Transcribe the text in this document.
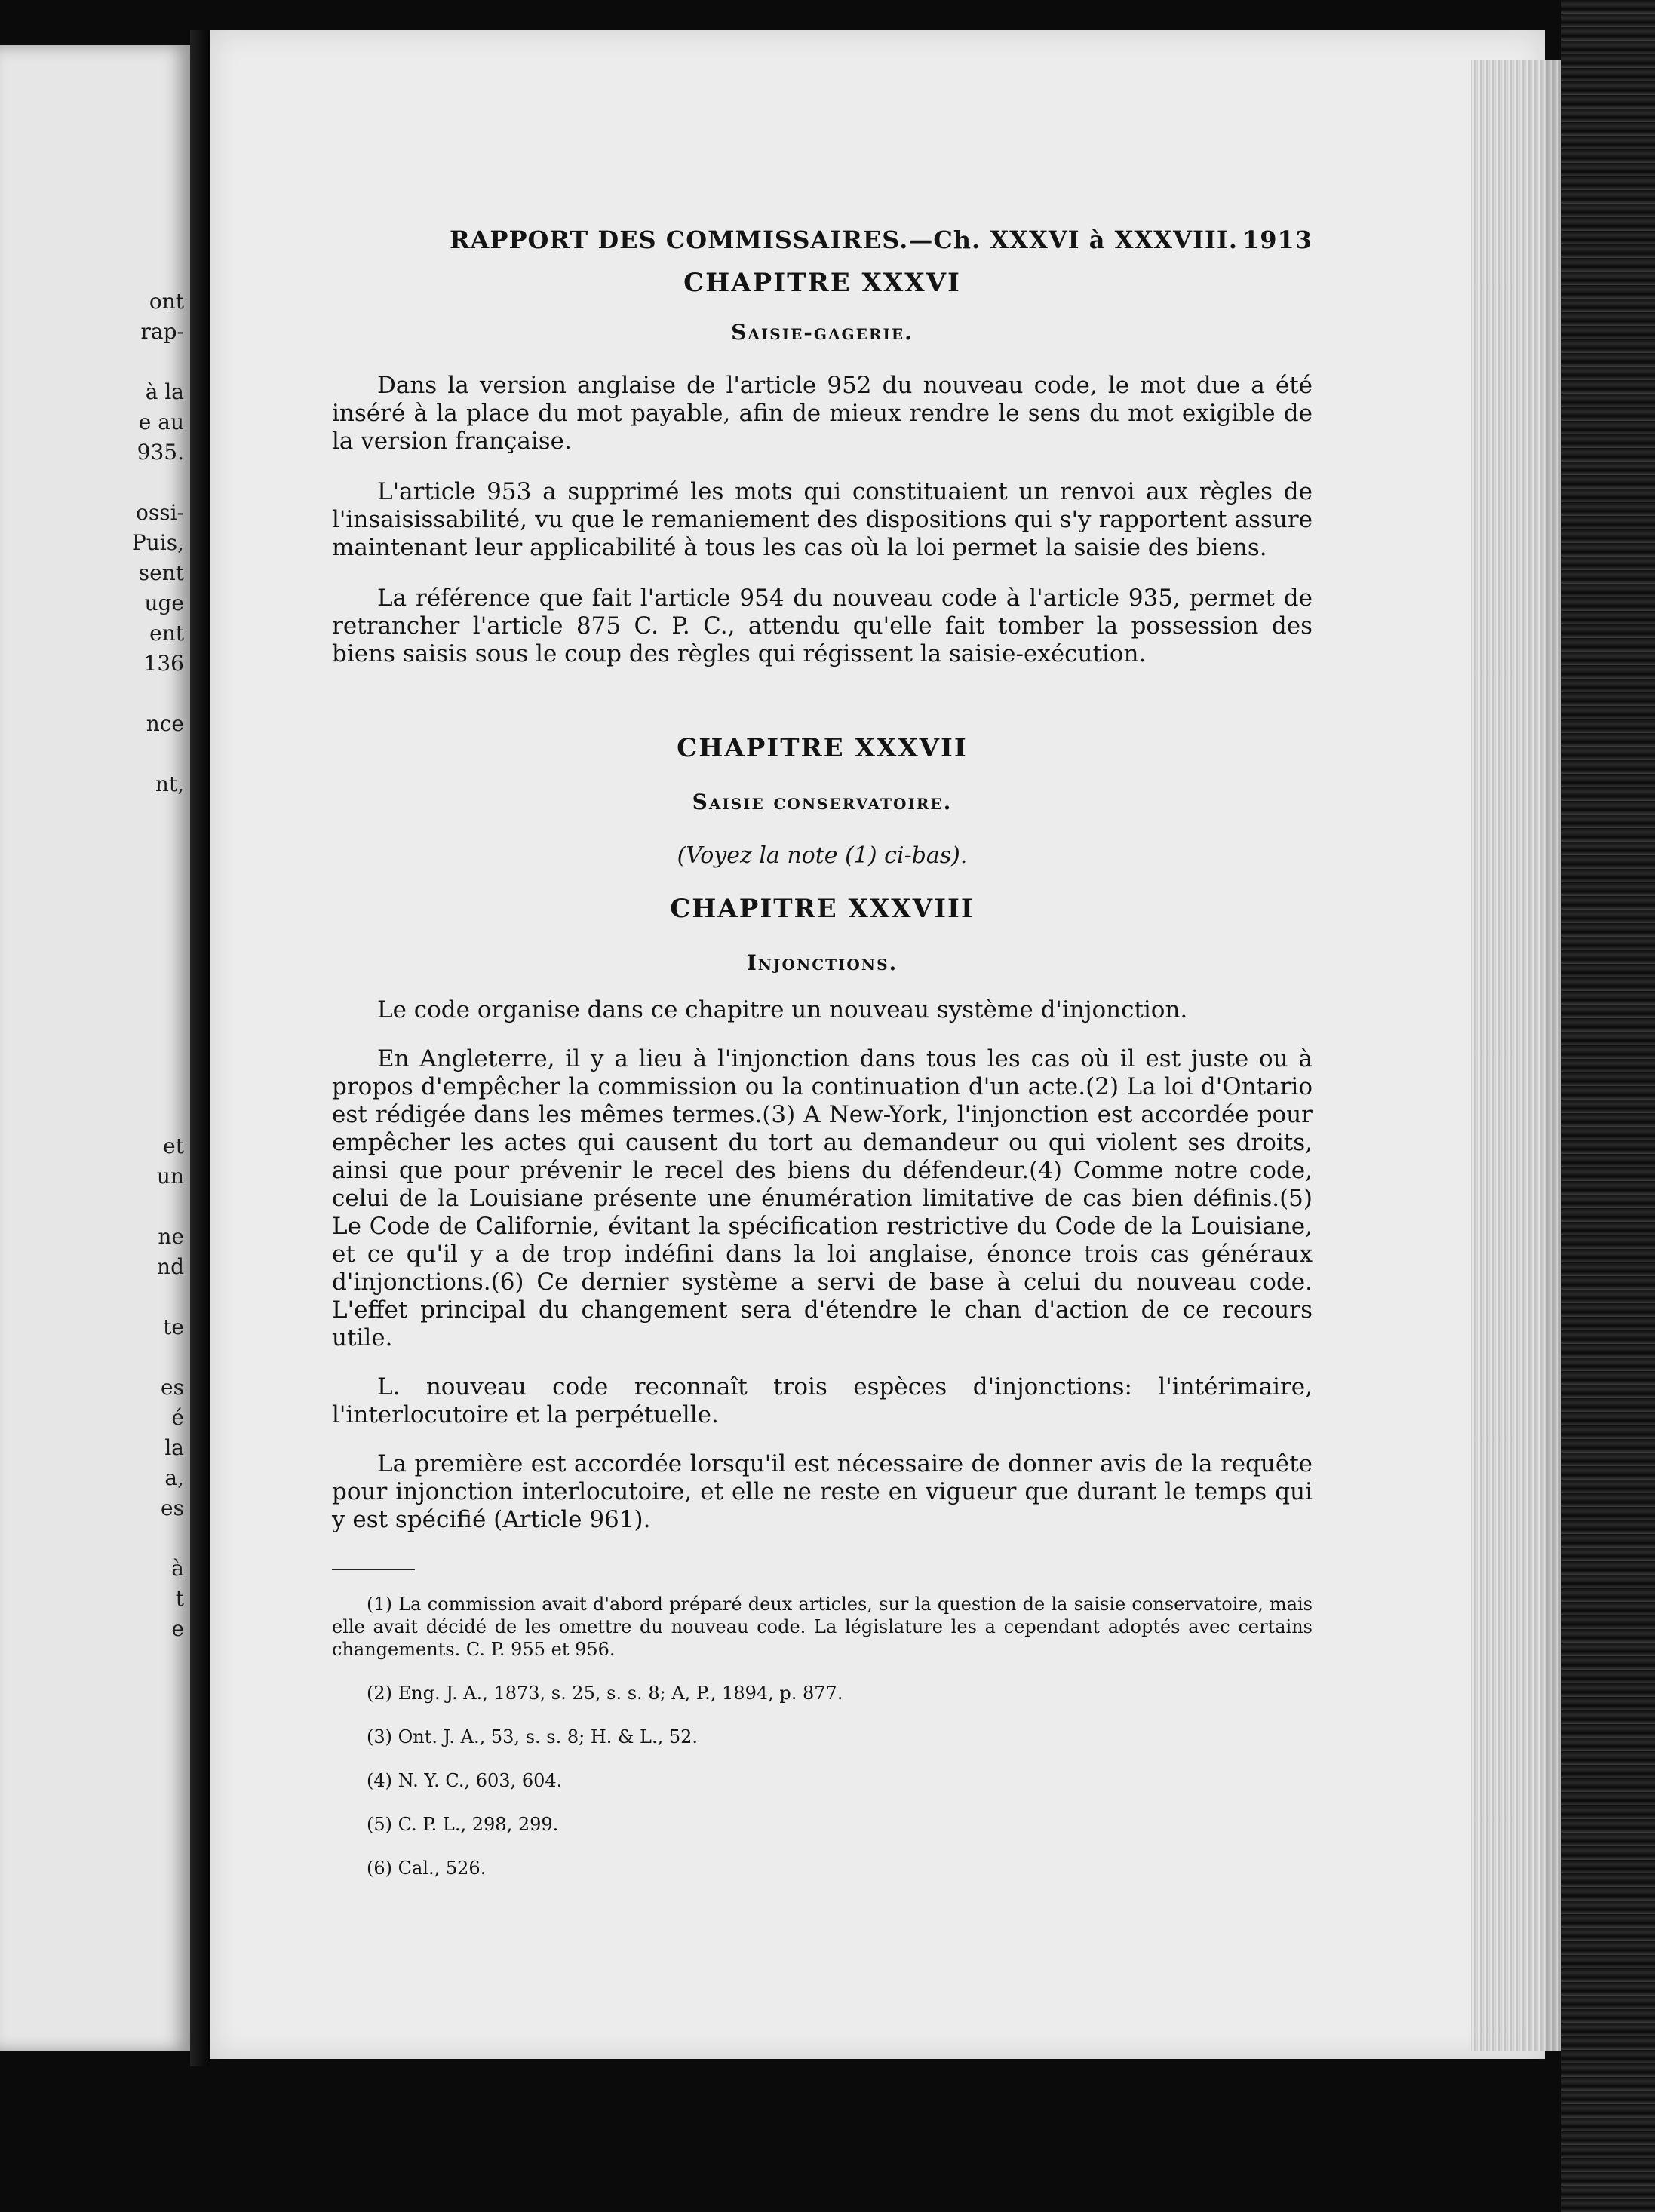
ont
rap-

à la
e au
935.

ossi-
Puis,
sent
uge
ent
136

nce

nt,
et
un

ne
nd

te

es
é
la
a,
es

à
t
e
RAPPORT DES COMMISSAIRES.—Ch. XXXVI à XXXVIII. 1913
CHAPITRE XXXVI
Saisie-gagerie.

Dans la version anglaise de l'article 952 du nouveau code, le mot due a été inséré à la place du mot payable, afin de mieux rendre le sens du mot exigible de la version française.

L'article 953 a supprimé les mots qui constituaient un renvoi aux règles de l'insaisissabilité, vu que le remaniement des dispositions qui s'y rapportent assure maintenant leur applicabilité à tous les cas où la loi permet la saisie des biens.

La référence que fait l'article 954 du nouveau code à l'article 935, permet de retrancher l'article 875 C. P. C., attendu qu'elle fait tomber la possession des biens saisis sous le coup des règles qui régissent la saisie-exécution.

CHAPITRE XXXVII
Saisie conservatoire.
(Voyez la note (1) ci-bas).
CHAPITRE XXXVIII
Injonctions.

Le code organise dans ce chapitre un nouveau système d'injonction.

En Angleterre, il y a lieu à l'injonction dans tous les cas où il est juste ou à propos d'empêcher la commission ou la continuation d'un acte.(2) La loi d'Ontario est rédigée dans les mêmes termes.(3) A New-York, l'injonction est accordée pour empêcher les actes qui causent du tort au demandeur ou qui violent ses droits, ainsi que pour prévenir le recel des biens du défendeur.(4) Comme notre code, celui de la Louisiane présente une énumération limitative de cas bien définis.(5) Le Code de Californie, évitant la spécification restrictive du Code de la Louisiane, et ce qu'il y a de trop indéfini dans la loi anglaise, énonce trois cas généraux d'injonctions.(6) Ce dernier système a servi de base à celui du nouveau code. L'effet principal du changement sera d'étendre le chan d'action de ce recours utile.

L. nouveau code reconnaît trois espèces d'injonctions: l'intérimaire, l'interlocutoire et la perpétuelle.

La première est accordée lorsqu'il est nécessaire de donner avis de la requête pour injonction interlocutoire, et elle ne reste en vigueur que durant le temps qui y est spécifié (Article 961).

(1) La commission avait d'abord préparé deux articles, sur la question de la saisie conservatoire, mais elle avait décidé de les omettre du nouveau code. La législature les a cependant adoptés avec certains changements. C. P. 955 et 956.

(2) Eng. J. A., 1873, s. 25, s. s. 8; A, P., 1894, p. 877.

(3) Ont. J. A., 53, s. s. 8; H. & L., 52.

(4) N. Y. C., 603, 604.

(5) C. P. L., 298, 299.

(6) Cal., 526.
